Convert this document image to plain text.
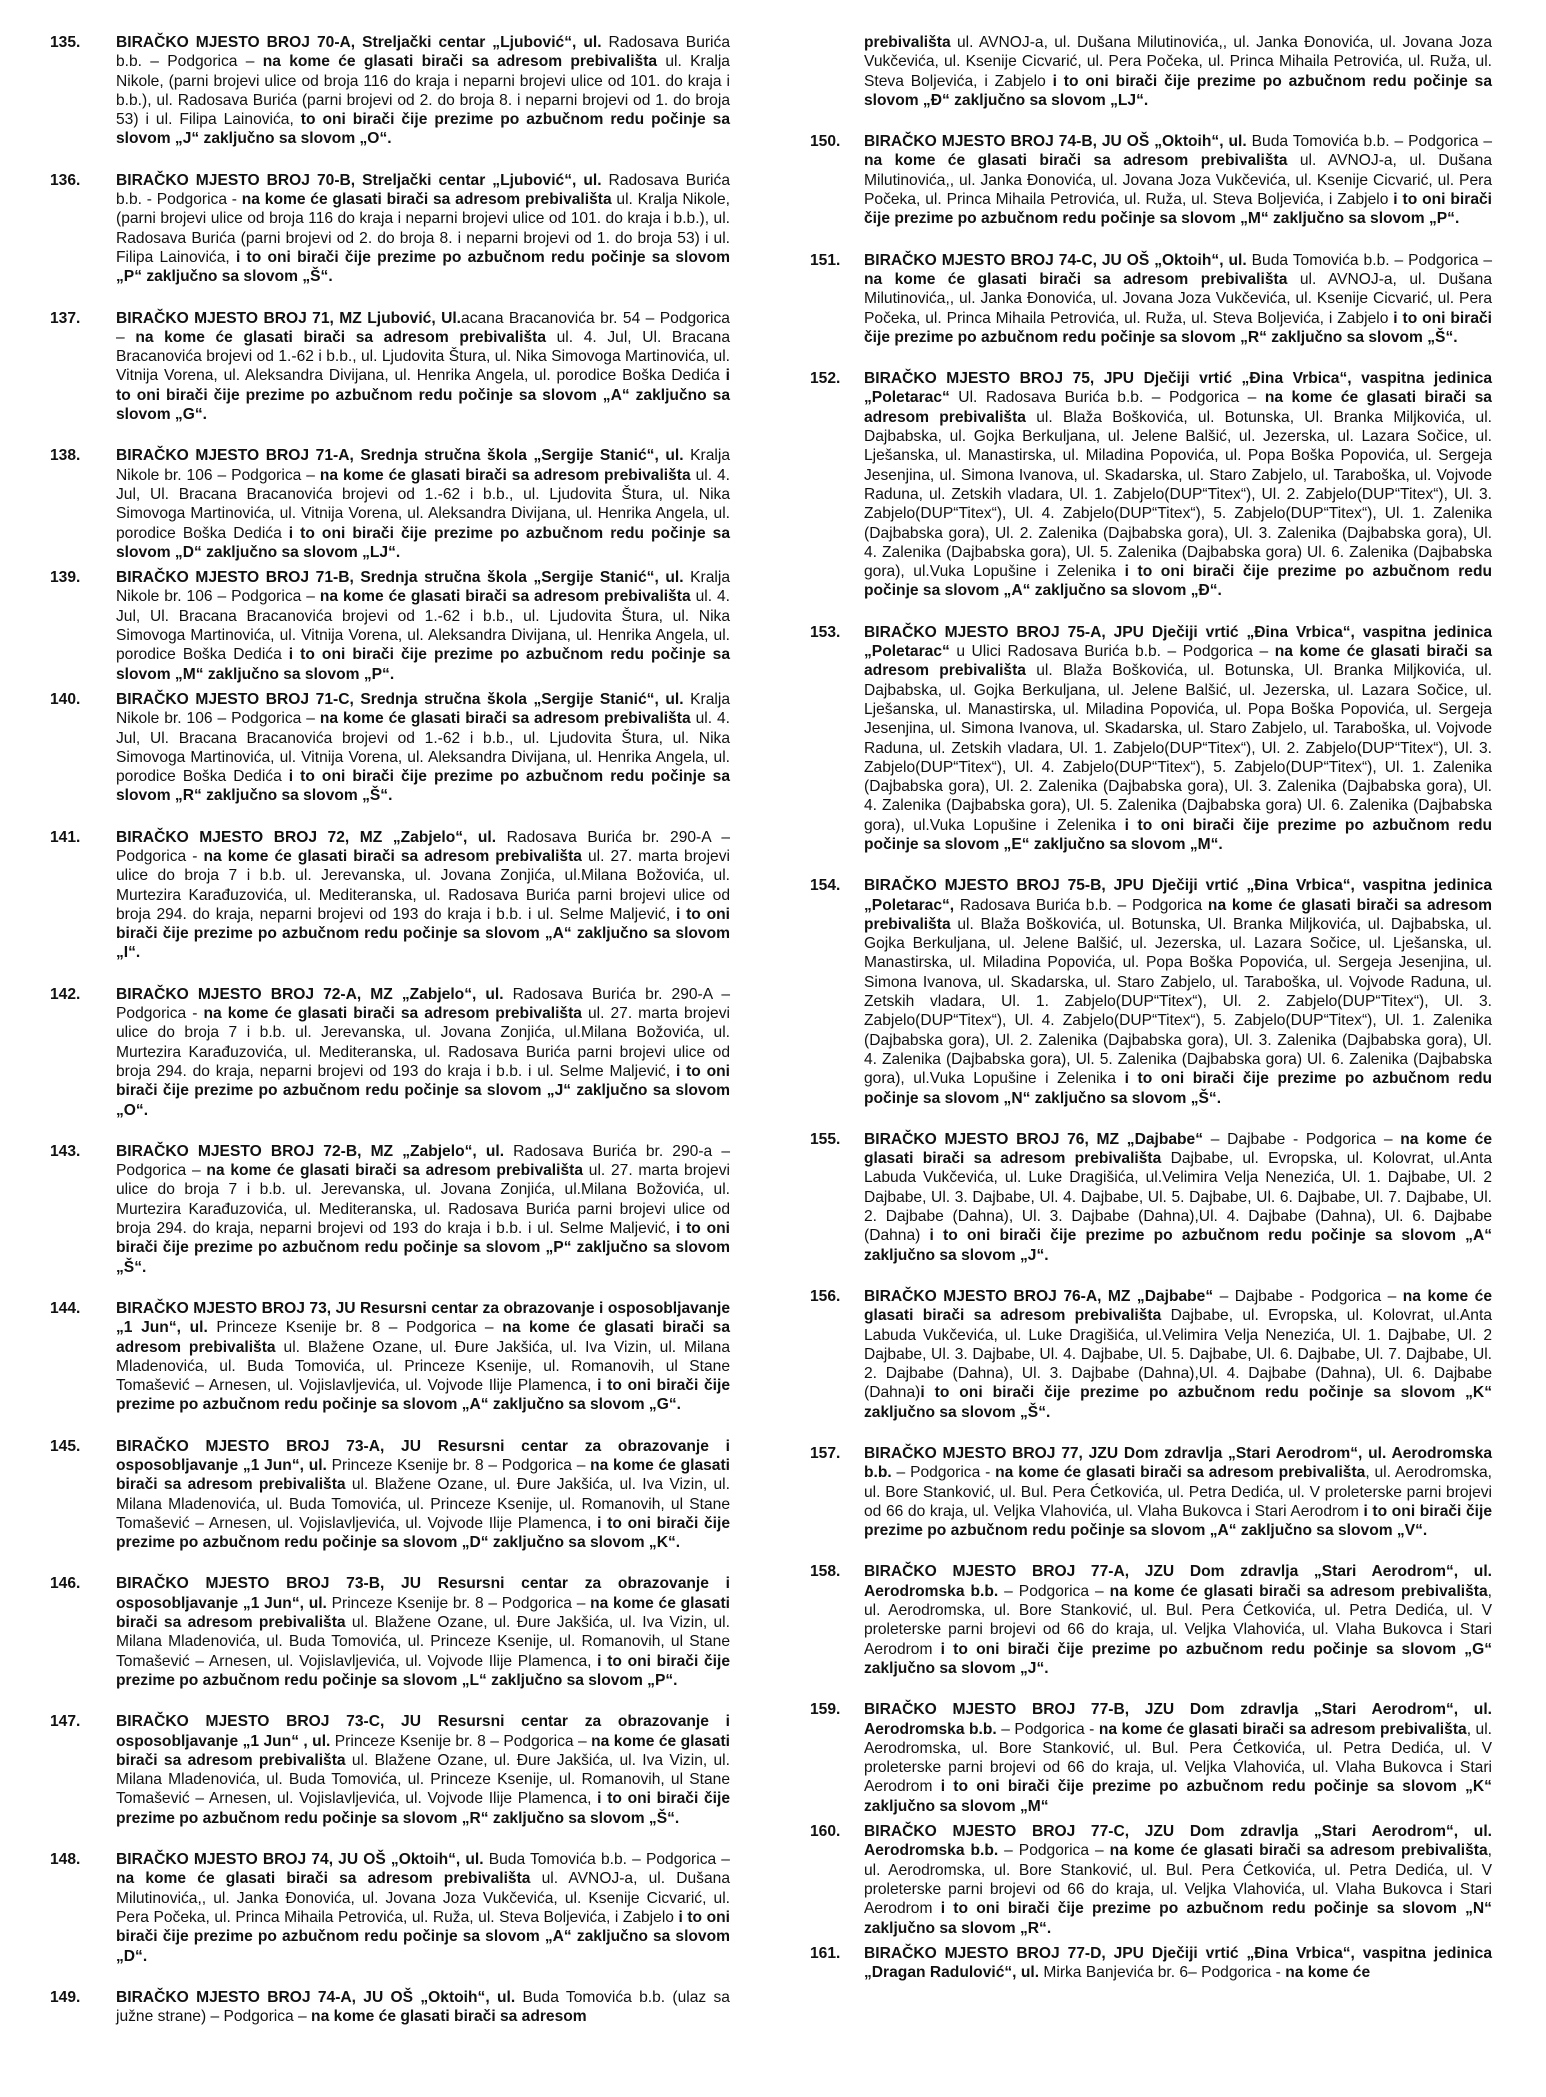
135. BIRAČKO MJESTO BROJ 70-A, Streljački centar „Ljubović“, ul. Radosava Burića b.b. – Podgorica – na kome će glasati birači sa adresom prebivališta ul. Kralja Nikole, (parni brojevi ulice od broja 116 do kraja i neparni brojevi ulice od 101. do kraja i b.b.), ul. Radosava Burića (parni brojevi od 2. do broja 8. i neparni brojevi od 1. do broja 53) i ul. Filipa Lainovića, to oni birači čije prezime po azbučnom redu počinje sa slovom „J“ zaključno sa slovom „O“.
136. BIRAČKO MJESTO BROJ 70-B, Streljački centar „Ljubović“, ul. Radosava Burića b.b. - Podgorica - na kome će glasati birači sa adresom prebivališta ul. Kralja Nikole, (parni brojevi ulice od broja 116 do kraja i neparni brojevi ulice od 101. do kraja i b.b.), ul. Radosava Burića (parni brojevi od 2. do broja 8. i neparni brojevi od 1. do broja 53) i ul. Filipa Lainovića, i to oni birači čije prezime po azbučnom redu počinje sa slovom „P“ zaključno sa slovom „Š“.
137. BIRAČKO MJESTO BROJ 71, MZ Ljubović, Ul.acana Bracanovića br. 54 – Podgorica – na kome će glasati birači sa adresom prebivališta ul. 4. Jul, Ul. Bracana Bracanovića brojevi od 1.-62 i b.b., ul. Ljudovita Štura, ul. Nika Simovoga Martinovića, ul. Vitnija Vorena, ul. Aleksandra Divijana, ul. Henrika Angela, ul. porodice Boška Dedića i to oni birači čije prezime po azbučnom redu počinje sa slovom „A“ zaključno sa slovom „G“.
138. BIRAČKO MJESTO BROJ 71-A, Srednja stručna škola „Sergije Stanić“, ul. Kralja Nikole br. 106 – Podgorica – na kome će glasati birači sa adresom prebivališta ul. 4. Jul, Ul. Bracana Bracanovića brojevi od 1.-62 i b.b., ul. Ljudovita Štura, ul. Nika Simovoga Martinovića, ul. Vitnija Vorena, ul. Aleksandra Divijana, ul. Henrika Angela, ul. porodice Boška Dedića i to oni birači čije prezime po azbučnom redu počinje sa slovom „D“ zaključno sa slovom „LJ“.
139. BIRAČKO MJESTO BROJ 71-B, Srednja stručna škola „Sergije Stanić“, ul. Kralja Nikole br. 106 – Podgorica – na kome će glasati birači sa adresom prebivališta ul. 4. Jul, Ul. Bracana Bracanovića brojevi od 1.-62 i b.b., ul. Ljudovita Štura, ul. Nika Simovoga Martinovića, ul. Vitnija Vorena, ul. Aleksandra Divijana, ul. Henrika Angela, ul. porodice Boška Dedića i to oni birači čije prezime po azbučnom redu počinje sa slovom „M“ zaključno sa slovom „P“.
140. BIRAČKO MJESTO BROJ 71-C, Srednja stručna škola „Sergije Stanić“, ul. Kralja Nikole br. 106 – Podgorica – na kome će glasati birači sa adresom prebivališta ul. 4. Jul, Ul. Bracana Bracanovića brojevi od 1.-62 i b.b., ul. Ljudovita Štura, ul. Nika Simovoga Martinovića, ul. Vitnija Vorena, ul. Aleksandra Divijana, ul. Henrika Angela, ul. porodice Boška Dedića i to oni birači čije prezime po azbučnom redu počinje sa slovom „R“ zaključno sa slovom „Š“.
141. BIRAČKO MJESTO BROJ 72, MZ „Zabjelo“, ul. Radosava Burića br. 290-A – Podgorica - na kome će glasati birači sa adresom prebivališta ul. 27. marta brojevi ulice do broja 7 i b.b. ul. Jerevanska, ul. Jovana Zonjića, ul.Milana Božovića, ul. Murtezira Karađuzovića, ul. Mediteranska, ul. Radosava Burića parni brojevi ulice od broja 294. do kraja, neparni brojevi od 193 do kraja i b.b. i ul. Selme Maljević, i to oni birači čije prezime po azbučnom redu počinje sa slovom „A“ zaključno sa slovom „I“.
142. BIRAČKO MJESTO BROJ 72-A, MZ „Zabjelo“, ul. Radosava Burića br. 290-A – Podgorica - na kome će glasati birači sa adresom prebivališta ul. 27. marta brojevi ulice do broja 7 i b.b. ul. Jerevanska, ul. Jovana Zonjića, ul.Milana Božovića, ul. Murtezira Karađuzovića, ul. Mediteranska, ul. Radosava Burića parni brojevi ulice od broja 294. do kraja, neparni brojevi od 193 do kraja i b.b. i ul. Selme Maljević, i to oni birači čije prezime po azbučnom redu počinje sa slovom „J“ zaključno sa slovom „O“.
143. BIRAČKO MJESTO BROJ 72-B, MZ „Zabjelo“, ul. Radosava Burića br. 290-a – Podgorica – na kome će glasati birači sa adresom prebivališta ul. 27. marta brojevi ulice do broja 7 i b.b. ul. Jerevanska, ul. Jovana Zonjića, ul.Milana Božovića, ul. Murtezira Karađuzovića, ul. Mediteranska, ul. Radosava Burića parni brojevi ulice od broja 294. do kraja, neparni brojevi od 193 do kraja i b.b. i ul. Selme Maljević, i to oni birači čije prezime po azbučnom redu počinje sa slovom „P“ zaključno sa slovom „Š“.
144. BIRAČKO MJESTO BROJ 73, JU Resursni centar za obrazovanje i osposobljavanje „1 Jun“, ul. Princeze Ksenije br. 8 – Podgorica – na kome će glasati birači sa adresom prebivališta ul. Blažene Ozane, ul. Đure Jakšića, ul. Iva Vizin, ul. Milana Mladenovića, ul. Buda Tomovića, ul. Princeze Ksenije, ul. Romanovih, ul Stane Tomašević – Arnesen, ul. Vojislavljevića, ul. Vojvode Ilije Plamenca, i to oni birači čije prezime po azbučnom redu počinje sa slovom „A“ zaključno sa slovom „G“.
145. BIRAČKO MJESTO BROJ 73-A, JU Resursni centar za obrazovanje i osposobljavanje „1 Jun“, ul. Princeze Ksenije br. 8 – Podgorica – na kome će glasati birači sa adresom prebivališta ul. Blažene Ozane, ul. Đure Jakšića, ul. Iva Vizin, ul. Milana Mladenovića, ul. Buda Tomovića, ul. Princeze Ksenije, ul. Romanovih, ul Stane Tomašević – Arnesen, ul. Vojislavljevića, ul. Vojvode Ilije Plamenca, i to oni birači čije prezime po azbučnom redu počinje sa slovom „D“ zaključno sa slovom „K“.
146. BIRAČKO MJESTO BROJ 73-B, JU Resursni centar za obrazovanje i osposobljavanje „1 Jun“, ul. Princeze Ksenije br. 8 – Podgorica – na kome će glasati birači sa adresom prebivališta ul. Blažene Ozane, ul. Đure Jakšića, ul. Iva Vizin, ul. Milana Mladenovića, ul. Buda Tomovića, ul. Princeze Ksenije, ul. Romanovih, ul Stane Tomašević – Arnesen, ul. Vojislavljevića, ul. Vojvode Ilije Plamenca, i to oni birači čije prezime po azbučnom redu počinje sa slovom „L“ zaključno sa slovom „P“.
147. BIRAČKO MJESTO BROJ 73-C, JU Resursni centar za obrazovanje i osposobljavanje „1 Jun“ , ul. Princeze Ksenije br. 8 – Podgorica – na kome će glasati birači sa adresom prebivališta ul. Blažene Ozane, ul. Đure Jakšića, ul. Iva Vizin, ul. Milana Mladenovića, ul. Buda Tomovića, ul. Princeze Ksenije, ul. Romanovih, ul Stane Tomašević – Arnesen, ul. Vojislavljevića, ul. Vojvode Ilije Plamenca, i to oni birači čije prezime po azbučnom redu počinje sa slovom „R“ zaključno sa slovom „Š“.
148. BIRAČKO MJESTO BROJ 74, JU OŠ „Oktoih“, ul. Buda Tomovića b.b. – Podgorica – na kome će glasati birači sa adresom prebivališta ul. AVNOJ-a, ul. Dušana Milutinovića,, ul. Janka Đonovića, ul. Jovana Joza Vukčevića, ul. Ksenije Cicvarić, ul. Pera Počeka, ul. Princa Mihaila Petrovića, ul. Ruža, ul. Steva Boljevića, i Zabjelo i to oni birači čije prezime po azbučnom redu počinje sa slovom „A“ zaključno sa slovom „D“.
149. BIRAČKO MJESTO BROJ 74-A, JU OŠ „Oktoih“, ul. Buda Tomovića b.b. (ulaz sa južne strane) – Podgorica – na kome će glasati birači sa adresom
prebivališta ul. AVNOJ-a, ul. Dušana Milutinovića,, ul. Janka Đonovića, ul. Jovana Joza Vukčevića, ul. Ksenije Cicvarić, ul. Pera Počeka, ul. Princa Mihaila Petrovića, ul. Ruža, ul. Steva Boljevića, i Zabjelo i to oni birači čije prezime po azbučnom redu počinje sa slovom „Đ“ zaključno sa slovom „LJ“.
150. BIRAČKO MJESTO BROJ 74-B, JU OŠ „Oktoih“, ul. Buda Tomovića b.b. – Podgorica – na kome će glasati birači sa adresom prebivališta ul. AVNOJ-a, ul. Dušana Milutinovića,, ul. Janka Đonovića, ul. Jovana Joza Vukčevića, ul. Ksenije Cicvarić, ul. Pera Počeka, ul. Princa Mihaila Petrovića, ul. Ruža, ul. Steva Boljevića, i Zabjelo i to oni birači čije prezime po azbučnom redu počinje sa slovom „M“ zaključno sa slovom „P“.
151. BIRAČKO MJESTO BROJ 74-C, JU OŠ „Oktoih“, ul. Buda Tomovića b.b. – Podgorica – na kome će glasati birači sa adresom prebivališta ul. AVNOJ-a, ul. Dušana Milutinovića,, ul. Janka Đonovića, ul. Jovana Joza Vukčevića, ul. Ksenije Cicvarić, ul. Pera Počeka, ul. Princa Mihaila Petrovića, ul. Ruža, ul. Steva Boljevića, i Zabjelo i to oni birači čije prezime po azbučnom redu počinje sa slovom „R“ zaključno sa slovom „Š“.
152. BIRAČKO MJESTO BROJ 75, JPU Dječiji vrtić „Đina Vrbica“, vaspitna jedinica „Poletarac“ Ul. Radosava Burića b.b. – Podgorica – na kome će glasati birači sa adresom prebivališta ul. Blaža Boškovića, ul. Botunska, Ul. Branka Miljkovića, ul. Dajbabska, ul. Gojka Berkuljana, ul. Jelene Balšić, ul. Jezerska, ul. Lazara Sočice, ul. Lješanska, ul. Manastirska, ul. Miladina Popovića, ul. Popa Boška Popovića, ul. Sergeja Jesenjina, ul. Simona Ivanova, ul. Skadarska, ul. Staro Zabjelo, ul. Taraboška, ul. Vojvode Raduna, ul. Zetskih vladara, Ul. 1. Zabjelo(DUP“Titex“), Ul. 2. Zabjelo(DUP“Titex“), Ul. 3. Zabjelo(DUP“Titex“), Ul. 4. Zabjelo(DUP“Titex“), 5. Zabjelo(DUP“Titex“), Ul. 1. Zalenika (Dajbabska gora), Ul. 2. Zalenika (Dajbabska gora), Ul. 3. Zalenika (Dajbabska gora), Ul. 4. Zalenika (Dajbabska gora), Ul. 5. Zalenika (Dajbabska gora) Ul. 6. Zalenika (Dajbabska gora), ul.Vuka Lopušine i Zelenika i to oni birači čije prezime po azbučnom redu počinje sa slovom „A“ zaključno sa slovom „Đ“.
153. BIRAČKO MJESTO BROJ 75-A, JPU Dječiji vrtić „Đina Vrbica“, vaspitna jedinica „Poletarac“ u Ulici Radosava Burića b.b. – Podgorica – na kome će glasati birači sa adresom prebivališta ul. Blaža Boškovića, ul. Botunska, Ul. Branka Miljkovića, ul. Dajbabska, ul. Gojka Berkuljana, ul. Jelene Balšić, ul. Jezerska, ul. Lazara Sočice, ul. Lješanska, ul. Manastirska, ul. Miladina Popovića, ul. Popa Boška Popovića, ul. Sergeja Jesenjina, ul. Simona Ivanova, ul. Skadarska, ul. Staro Zabjelo, ul. Taraboška, ul. Vojvode Raduna, ul. Zetskih vladara, Ul. 1. Zabjelo(DUP“Titex“), Ul. 2. Zabjelo(DUP“Titex“), Ul. 3. Zabjelo(DUP“Titex“), Ul. 4. Zabjelo(DUP“Titex“), 5. Zabjelo(DUP“Titex“), Ul. 1. Zalenika (Dajbabska gora), Ul. 2. Zalenika (Dajbabska gora), Ul. 3. Zalenika (Dajbabska gora), Ul. 4. Zalenika (Dajbabska gora), Ul. 5. Zalenika (Dajbabska gora) Ul. 6. Zalenika (Dajbabska gora), ul.Vuka Lopušine i Zelenika i to oni birači čije prezime po azbučnom redu počinje sa slovom „E“ zaključno sa slovom „M“.
154. BIRAČKO MJESTO BROJ 75-B, JPU Dječiji vrtić „Đina Vrbica“, vaspitna jedinica „Poletarac“, Radosava Burića b.b. – Podgorica na kome će glasati birači sa adresom prebivališta ul. Blaža Boškovića, ul. Botunska, Ul. Branka Miljkovića, ul. Dajbabska, ul. Gojka Berkuljana, ul. Jelene Balšić, ul. Jezerska, ul. Lazara Sočice, ul. Lješanska, ul. Manastirska, ul. Miladina Popovića, ul. Popa Boška Popovića, ul. Sergeja Jesenjina, ul. Simona Ivanova, ul. Skadarska, ul. Staro Zabjelo, ul. Taraboška, ul. Vojvode Raduna, ul. Zetskih vladara, Ul. 1. Zabjelo(DUP“Titex“), Ul. 2. Zabjelo(DUP“Titex“), Ul. 3. Zabjelo(DUP“Titex“), Ul. 4. Zabjelo(DUP“Titex“), 5. Zabjelo(DUP“Titex“), Ul. 1. Zalenika (Dajbabska gora), Ul. 2. Zalenika (Dajbabska gora), Ul. 3. Zalenika (Dajbabska gora), Ul. 4. Zalenika (Dajbabska gora), Ul. 5. Zalenika (Dajbabska gora) Ul. 6. Zalenika (Dajbabska gora), ul.Vuka Lopušine i Zelenika i to oni birači čije prezime po azbučnom redu počinje sa slovom „N“ zaključno sa slovom „Š“.
155. BIRAČKO MJESTO BROJ 76, MZ „Dajbabe“ – Dajbabe - Podgorica – na kome će glasati birači sa adresom prebivališta Dajbabe, ul. Evropska, ul. Kolovrat, ul.Anta Labuda Vukčevića, ul. Luke Dragišića, ul.Velimira Velja Nenezića, Ul. 1. Dajbabe, Ul. 2 Dajbabe, Ul. 3. Dajbabe, Ul. 4. Dajbabe, Ul. 5. Dajbabe, Ul. 6. Dajbabe, Ul. 7. Dajbabe, Ul. 2. Dajbabe (Dahna), Ul. 3. Dajbabe (Dahna),Ul. 4. Dajbabe (Dahna), Ul. 6. Dajbabe (Dahna) i to oni birači čije prezime po azbučnom redu počinje sa slovom „A“ zaključno sa slovom „J“.
156. BIRAČKO MJESTO BROJ 76-A, MZ „Dajbabe“ – Dajbabe - Podgorica – na kome će glasati birači sa adresom prebivališta Dajbabe, ul. Evropska, ul. Kolovrat, ul.Anta Labuda Vukčevića, ul. Luke Dragišića, ul.Velimira Velja Nenezića, Ul. 1. Dajbabe, Ul. 2 Dajbabe, Ul. 3. Dajbabe, Ul. 4. Dajbabe, Ul. 5. Dajbabe, Ul. 6. Dajbabe, Ul. 7. Dajbabe, Ul. 2. Dajbabe (Dahna), Ul. 3. Dajbabe (Dahna),Ul. 4. Dajbabe (Dahna), Ul. 6. Dajbabe (Dahna)i to oni birači čije prezime po azbučnom redu počinje sa slovom „K“ zaključno sa slovom „Š“.
157. BIRAČKO MJESTO BROJ 77, JZU Dom zdravlja „Stari Aerodrom“, ul. Aerodromska b.b. – Podgorica - na kome će glasati birači sa adresom prebivališta, ul. Aerodromska, ul. Bore Stanković, ul. Bul. Pera Ćetkovića, ul. Petra Dedića, ul. V proleterske parni brojevi od 66 do kraja, ul. Veljka Vlahovića, ul. Vlaha Bukovca i Stari Aerodrom i to oni birači čije prezime po azbučnom redu počinje sa slovom „A“ zaključno sa slovom „V“.
158. BIRAČKO MJESTO BROJ 77-A, JZU Dom zdravlja „Stari Aerodrom“, ul. Aerodromska b.b. – Podgorica – na kome će glasati birači sa adresom prebivališta, ul. Aerodromska, ul. Bore Stanković, ul. Bul. Pera Ćetkovića, ul. Petra Dedića, ul. V proleterske parni brojevi od 66 do kraja, ul. Veljka Vlahovića, ul. Vlaha Bukovca i Stari Aerodrom i to oni birači čije prezime po azbučnom redu počinje sa slovom „G“ zaključno sa slovom „J“.
159. BIRAČKO MJESTO BROJ 77-B, JZU Dom zdravlja „Stari Aerodrom“, ul. Aerodromska b.b. – Podgorica - na kome će glasati birači sa adresom prebivališta, ul. Aerodromska, ul. Bore Stanković, ul. Bul. Pera Ćetkovića, ul. Petra Dedića, ul. V proleterske parni brojevi od 66 do kraja, ul. Veljka Vlahovića, ul. Vlaha Bukovca i Stari Aerodrom i to oni birači čije prezime po azbučnom redu počinje sa slovom „K“ zaključno sa slovom „M“
160. BIRAČKO MJESTO BROJ 77-C, JZU Dom zdravlja „Stari Aerodrom“, ul. Aerodromska b.b. – Podgorica – na kome će glasati birači sa adresom prebivališta, ul. Aerodromska, ul. Bore Stanković, ul. Bul. Pera Ćetkovića, ul. Petra Dedića, ul. V proleterske parni brojevi od 66 do kraja, ul. Veljka Vlahovića, ul. Vlaha Bukovca i Stari Aerodrom i to oni birači čije prezime po azbučnom redu počinje sa slovom „N“ zaključno sa slovom „R“.
161. BIRAČKO MJESTO BROJ 77-D, JPU Dječiji vrtić „Đina Vrbica“, vaspitna jedinica „Dragan Radulović“, ul. Mirka Banjevića br. 6– Podgorica - na kome će
